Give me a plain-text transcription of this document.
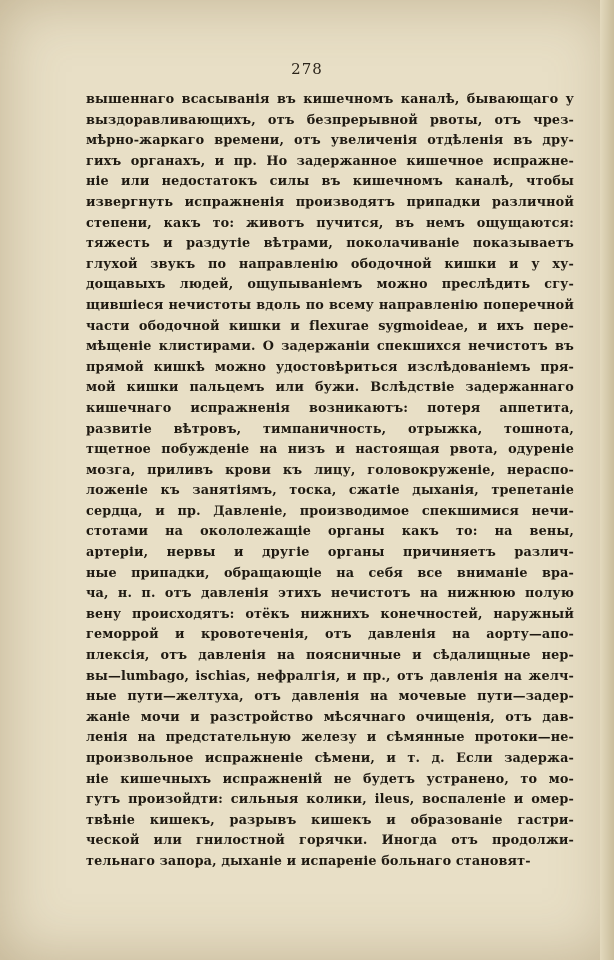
278
вышеннаго всасыванія въ кишечномъ каналѣ, бывающаго у
выздоравливающихъ, отъ безпрерывной рвоты, отъ чрез-
мѣрно-жаркаго времени, отъ увеличенія отдѣленія въ дру-
гихъ органахъ, и пр. Но задержанное кишечное испражне-
ніе или недостатокъ силы въ кишечномъ каналѣ, чтобы
извергнуть испражненія производятъ припадки различной
степени, какъ то: животъ пучится, въ немъ ощущаются:
тяжесть и раздутіе вѣтрами, поколачиваніе показываетъ
глухой звукъ по направленію ободочной кишки и у ху-
дощавыхъ людей, ощупываніемъ можно преслѣдить сгу-
щившіеся нечистоты вдоль по всему направленію поперечной
части ободочной кишки и flexurae sygmoideae, и ихъ пере-
мѣщеніе клистирами. О задержаніи спекшихся нечистотъ въ
прямой кишкѣ можно удостовѣриться изслѣдованіемъ пря-
мой кишки пальцемъ или бужи. Вслѣдствіе задержаннаго
кишечнаго испражненія возникаютъ: потеря аппетита,
развитіе вѣтровъ, тимпаничность, отрыжка, тошнота,
тщетное побужденіе на низъ и настоящая рвота, одуреніе
мозга, приливъ крови къ лицу, головокруженіе, нераспо-
ложеніе къ занятіямъ, тоска, сжатіе дыханія, трепетаніе
сердца, и пр. Давленіе, производимое спекшимися нечи-
стотами на окололежащіе органы какъ то: на вены,
артеріи, нервы и другіе органы причиняетъ различ-
ные припадки, обращающіе на себя все вниманіе вра-
ча, н. п. отъ давленія этихъ нечистотъ на нижнюю полую
вену происходятъ: отёкъ нижнихъ конечностей, наружный
геморрой и кровотеченія, отъ давленія на аорту—апо-
плексія, отъ давленія на поясничные и сѣдалищные нер-
вы—lumbago, ischias, нефралгія, и пр., отъ давленія на желч-
ные пути—желтуха, отъ давленія на мочевые пути—задер-
жаніе мочи и разстройство мѣсячнаго очищенія, отъ дав-
ленія на предстательную железу и сѣмянные протоки—не-
произвольное испражненіе сѣмени, и т. д. Если задержа-
ніе кишечныхъ испражненій не будетъ устранено, то мо-
гутъ произойдти: сильныя колики, ileus, воспаленіе и омер-
твѣніе кишекъ, разрывъ кишекъ и образованіе гастри-
ческой или гнилостной горячки. Иногда отъ продолжи-
тельнаго запора, дыханіе и испареніе больнаго становят-
